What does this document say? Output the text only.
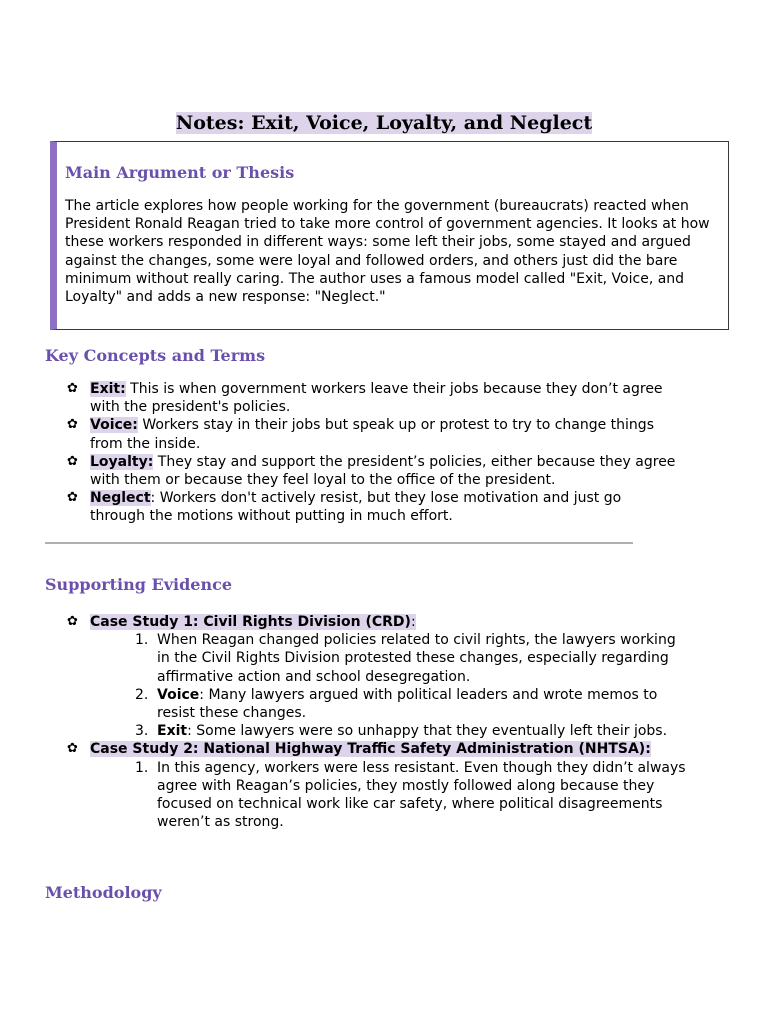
Notes: Exit, Voice, Loyalty, and Neglect
Main Argument or Thesis

The article explores how people working for the government (bureaucrats) reacted when President Ronald Reagan tried to take more control of government agencies. It looks at how these workers responded in different ways: some left their jobs, some stayed and argued against the changes, some were loyal and followed orders, and others just did the bare minimum without really caring. The author uses a famous model called "Exit, Voice, and Loyalty" and adds a new response: "Neglect."

Key Concepts and Terms
✿ Exit: This is when government workers leave their jobs because they don’t agree with the president's policies.
✿ Voice: Workers stay in their jobs but speak up or protest to try to change things from the inside.
✿ Loyalty: They stay and support the president’s policies, either because they agree with them or because they feel loyal to the office of the president.
✿ Neglect: Workers don't actively resist, but they lose motivation and just go through the motions without putting in much effort.
Supporting Evidence
✿ Case Study 1: Civil Rights Division (CRD):
1. When Reagan changed policies related to civil rights, the lawyers working in the Civil Rights Division protested these changes, especially regarding affirmative action and school desegregation.
2. Voice: Many lawyers argued with political leaders and wrote memos to resist these changes.
3. Exit: Some lawyers were so unhappy that they eventually left their jobs.
✿ Case Study 2: National Highway Traffic Safety Administration (NHTSA):
1. In this agency, workers were less resistant. Even though they didn’t always agree with Reagan’s policies, they mostly followed along because they focused on technical work like car safety, where political disagreements weren’t as strong.
Methodology
